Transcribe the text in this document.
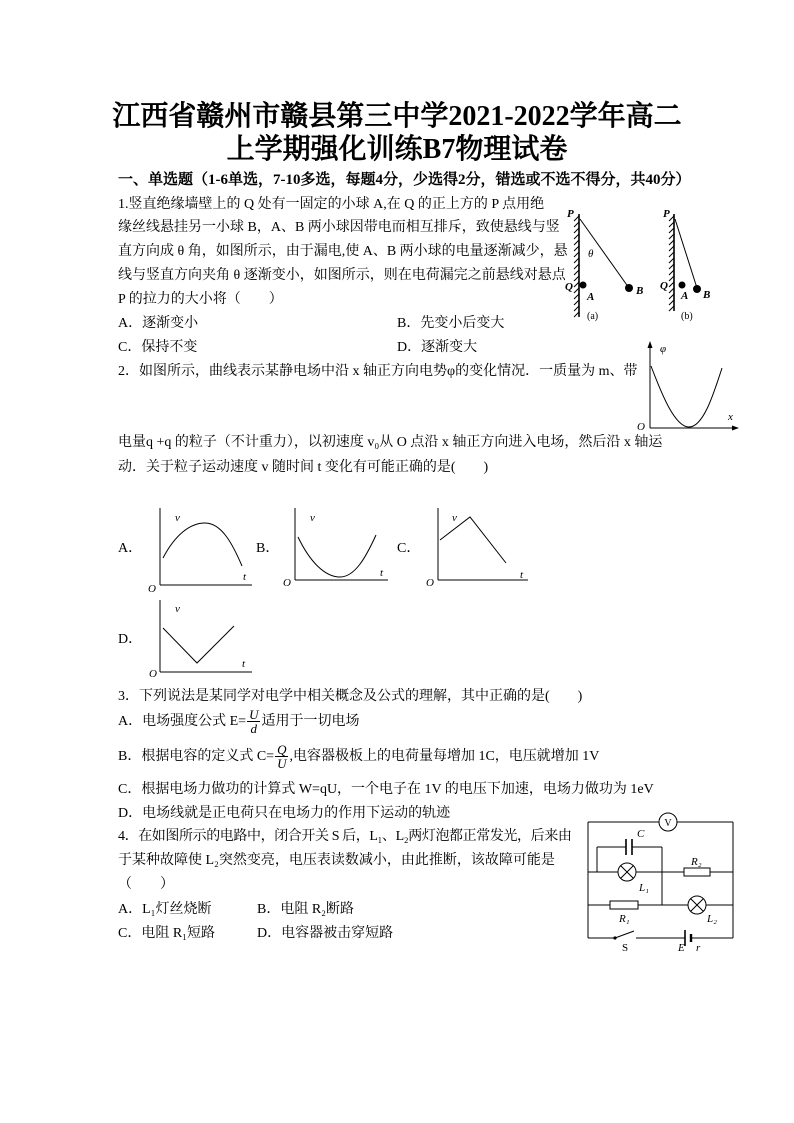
江西省赣州市赣县第三中学2021-2022学年高二
上学期强化训练B7物理试卷
一、单选题（1-6单选，7-10多选，每题4分，少选得2分，错选或不选不得分，共40分）
1.竖直绝缘墙壁上的 Q 处有一固定的小球 A,在 Q 的正上方的 P 点用绝
缘丝线悬挂另一小球 B，A、B 两小球因带电而相互排斥，致使悬线与竖
直方向成 θ 角，如图所示，由于漏电,使 A、B 两小球的电量逐渐减少，悬
线与竖直方向夹角 θ 逐渐变小，如图所示，则在电荷漏完之前悬线对悬点
P 的拉力的大小将（　　）
A．逐渐变小	B．先变小后变大
C．保持不变	D．逐渐变大
P
Q
A	B
θ
(a)
P
Q
A B
(b)
2．如图所示，曲线表示某静电场中沿 x 轴正方向电势φ的变化情况．一质量为 m、带
电量q +q 的粒子（不计重力），以初速度 v₀从 O 点沿 x 轴正方向进入电场，然后沿 x 轴运
动．关于粒子运动速度 v 随时间 t 变化有可能正确的是(　　)
φ
x
O
A．	B．	C．
D．
v
t
O
v
t
O
v
t
O
v
t
O
3．下列说法是某同学对电学中相关概念及公式的理解，其中正确的是(　　)
A．电场强度公式 $E= \frac{U}{d}$ 适用于一切电场
B．根据电容的定义式 $C= \frac{Q}{U}$ ,电容器极板上的电荷量每增加 1C，电压就增加 1V
C．根据电场力做功的计算式 W=qU，一个电子在 1V 的电压下加速，电场力做功为 1eV
D．电场线就是正电荷只在电场力的作用下运动的轨迹
4．在如图所示的电路中，闭合开关 S 后，L₁、L₂两灯泡都正常发光，后来由
于某种故障使 L₂突然变亮，电压表读数减小，由此推断，该故障可能是
（　　）
A．L₁灯丝烧断	B．电阻 R₂断路
C．电阻 R₁短路	D．电容器被击穿短路
V
C
L₁
R₂
R₁	L₂
S	E r
